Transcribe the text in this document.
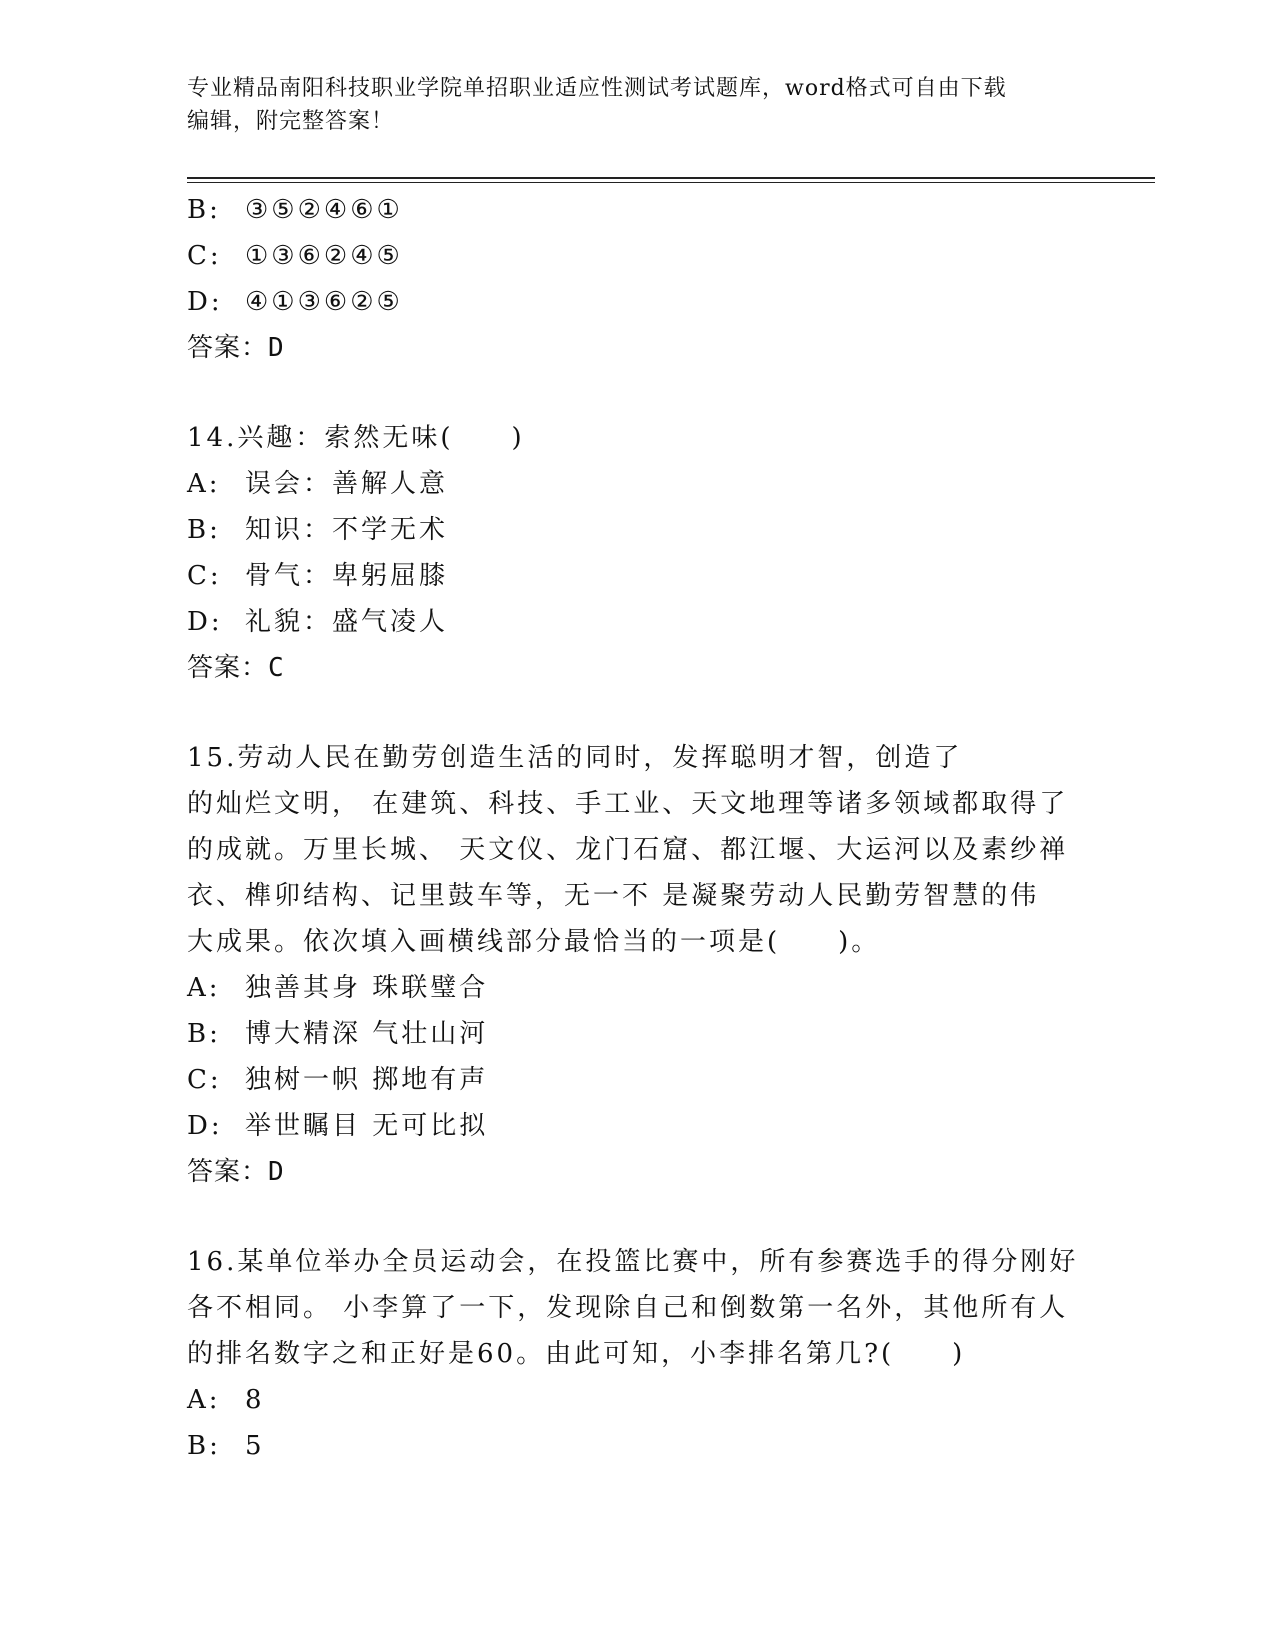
专业精品南阳科技职业学院单招职业适应性测试考试题库，word格式可自由下载
编辑，附完整答案！
B: ③⑤②④⑥①
C: ①③⑥②④⑤
D: ④①③⑥②⑤
答案：D
14.兴趣：索然无味(　　)
A: 误会：善解人意
B: 知识：不学无术
C: 骨气：卑躬屈膝
D: 礼貌：盛气凌人
答案：C
15.劳动人民在勤劳创造生活的同时，发挥聪明才智，创造了
的灿烂文明， 在建筑、科技、手工业、天文地理等诸多领域都取得了
的成就。万里长城、 天文仪、龙门石窟、都江堰、大运河以及素纱禅
衣、榫卯结构、记里鼓车等，无一不 是凝聚劳动人民勤劳智慧的伟
大成果。依次填入画横线部分最恰当的一项是(　　)。
A: 独善其身 珠联璧合
B: 博大精深 气壮山河
C: 独树一帜 掷地有声
D: 举世瞩目 无可比拟
答案：D
16.某单位举办全员运动会，在投篮比赛中，所有参赛选手的得分刚好
各不相同。 小李算了一下，发现除自己和倒数第一名外，其他所有人
的排名数字之和正好是60。由此可知，小李排名第几?(　　)
A: 8
B: 5
